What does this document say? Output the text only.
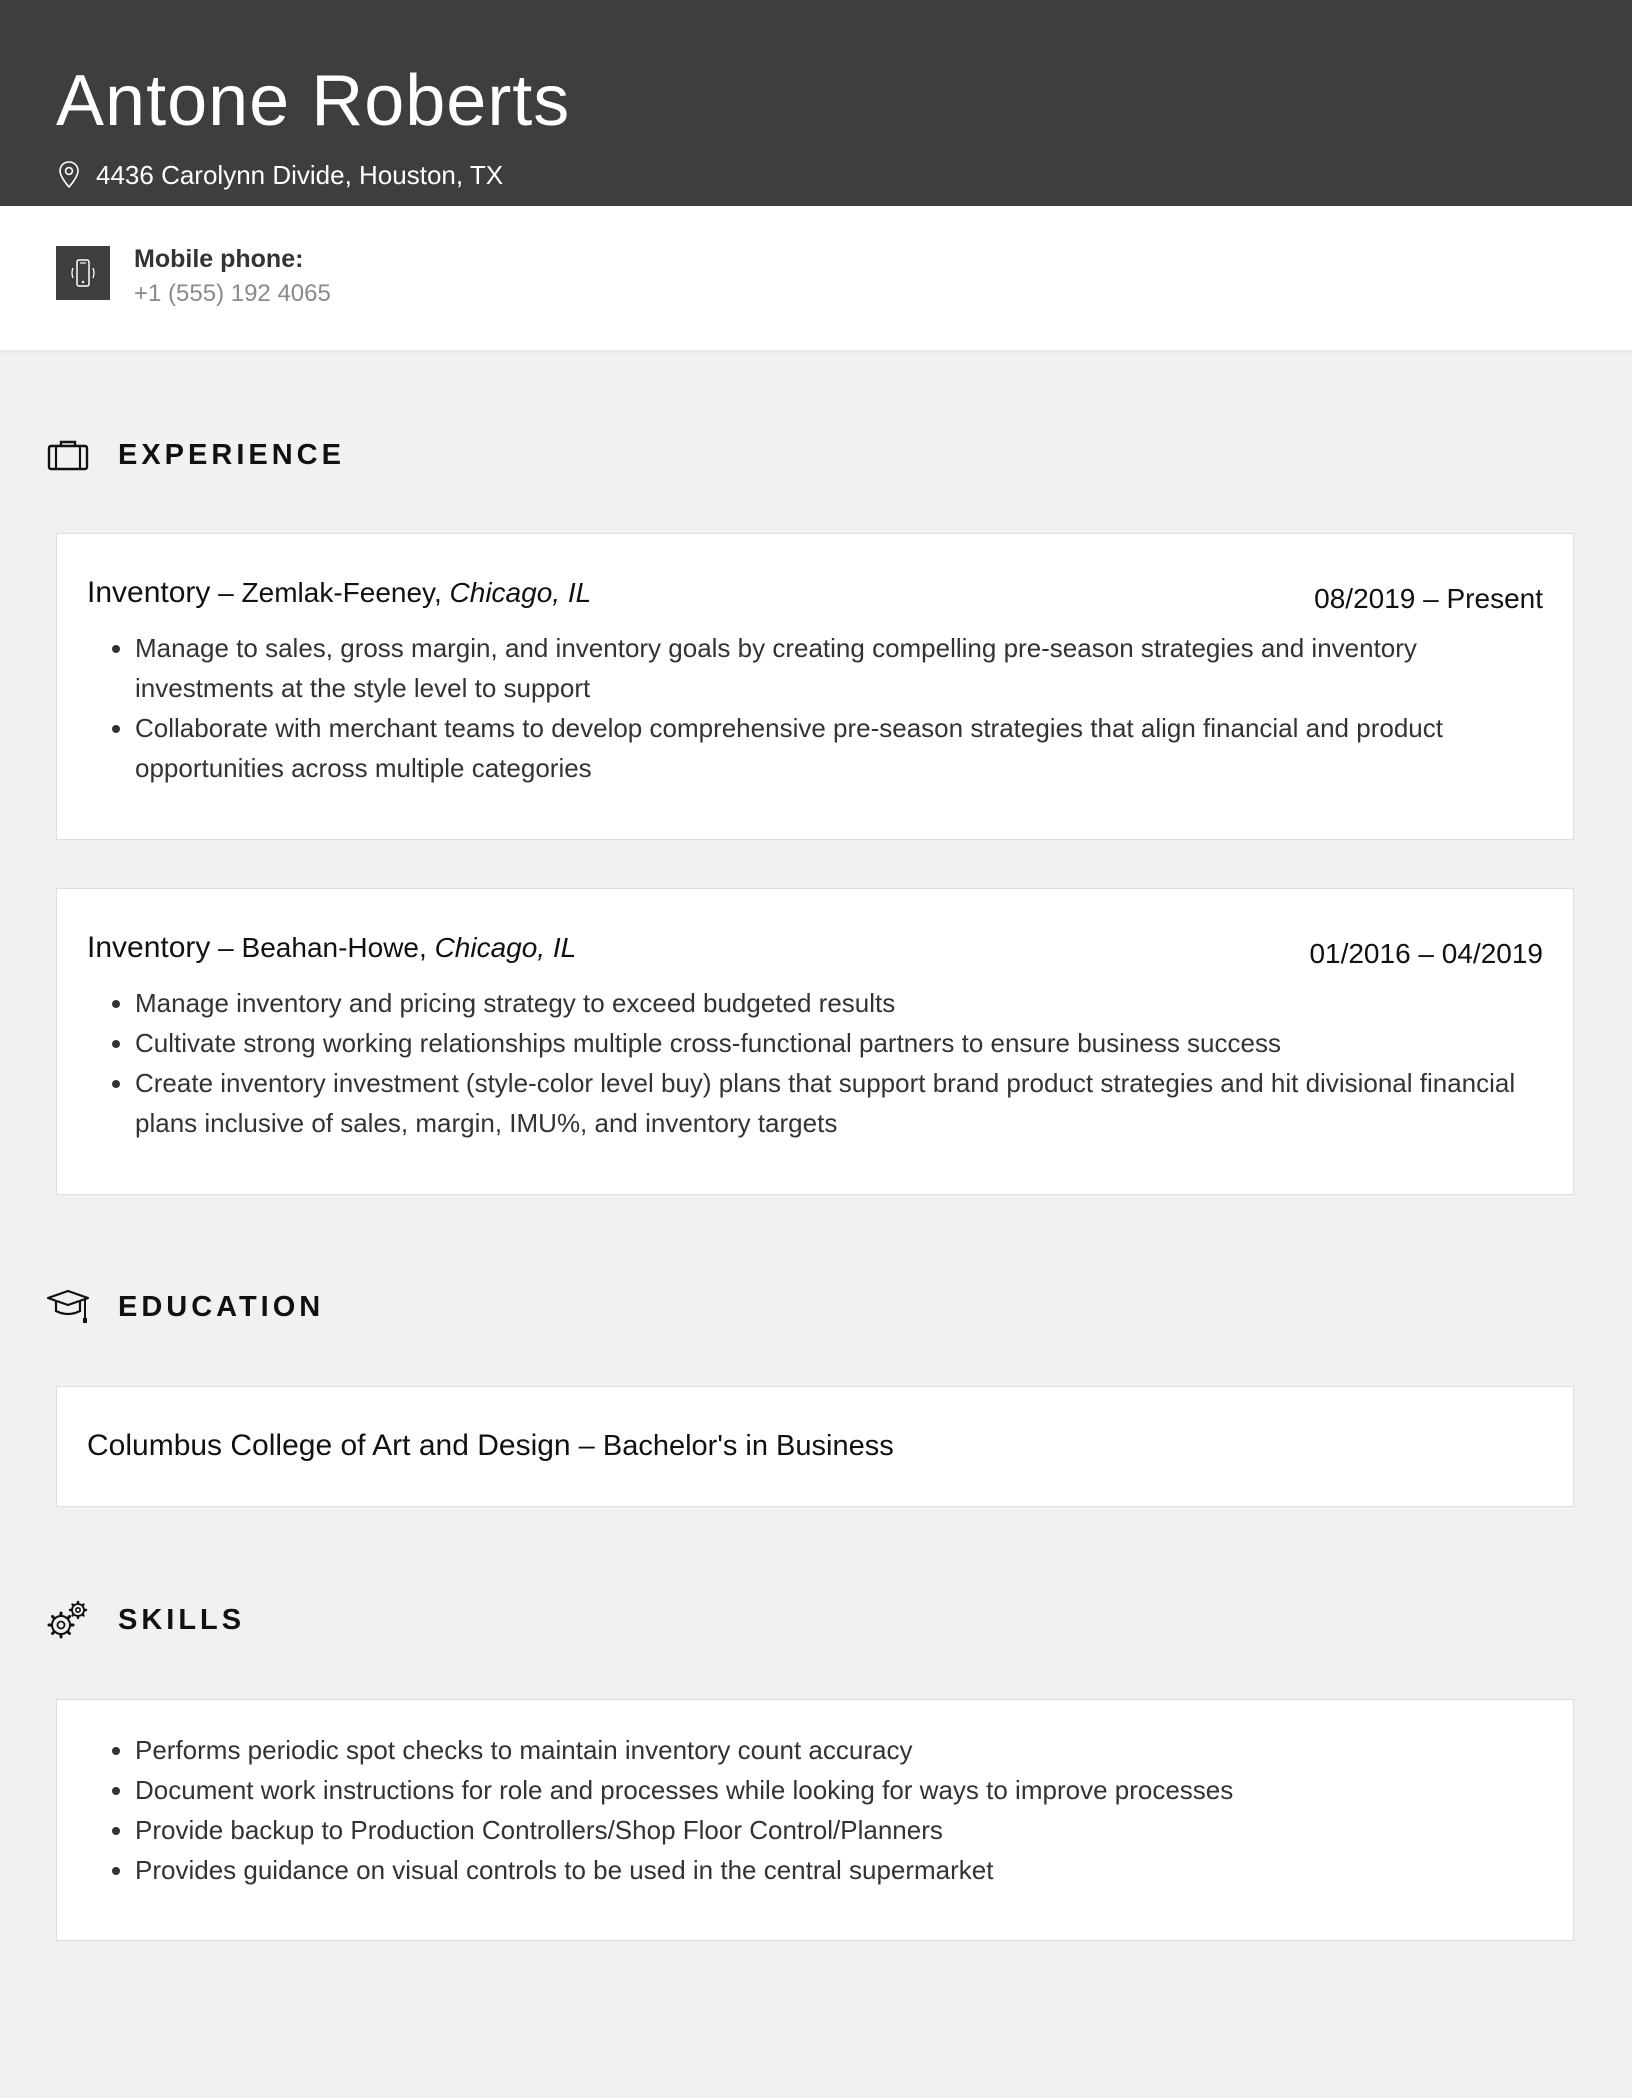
Antone Roberts
4436 Carolynn Divide, Houston, TX
Mobile phone:
+1 (555) 192 4065
EXPERIENCE
Inventory – Zemlak-Feeney, Chicago, IL	08/2019 – Present
• Manage to sales, gross margin, and inventory goals by creating compelling pre-season strategies and inventory investments at the style level to support
• Collaborate with merchant teams to develop comprehensive pre-season strategies that align financial and product opportunities across multiple categories
Inventory – Beahan-Howe, Chicago, IL	01/2016 – 04/2019
• Manage inventory and pricing strategy to exceed budgeted results
• Cultivate strong working relationships multiple cross-functional partners to ensure business success
• Create inventory investment (style-color level buy) plans that support brand product strategies and hit divisional financial plans inclusive of sales, margin, IMU%, and inventory targets
EDUCATION
Columbus College of Art and Design – Bachelor's in Business
SKILLS
• Performs periodic spot checks to maintain inventory count accuracy
• Document work instructions for role and processes while looking for ways to improve processes
• Provide backup to Production Controllers/Shop Floor Control/Planners
• Provides guidance on visual controls to be used in the central supermarket
